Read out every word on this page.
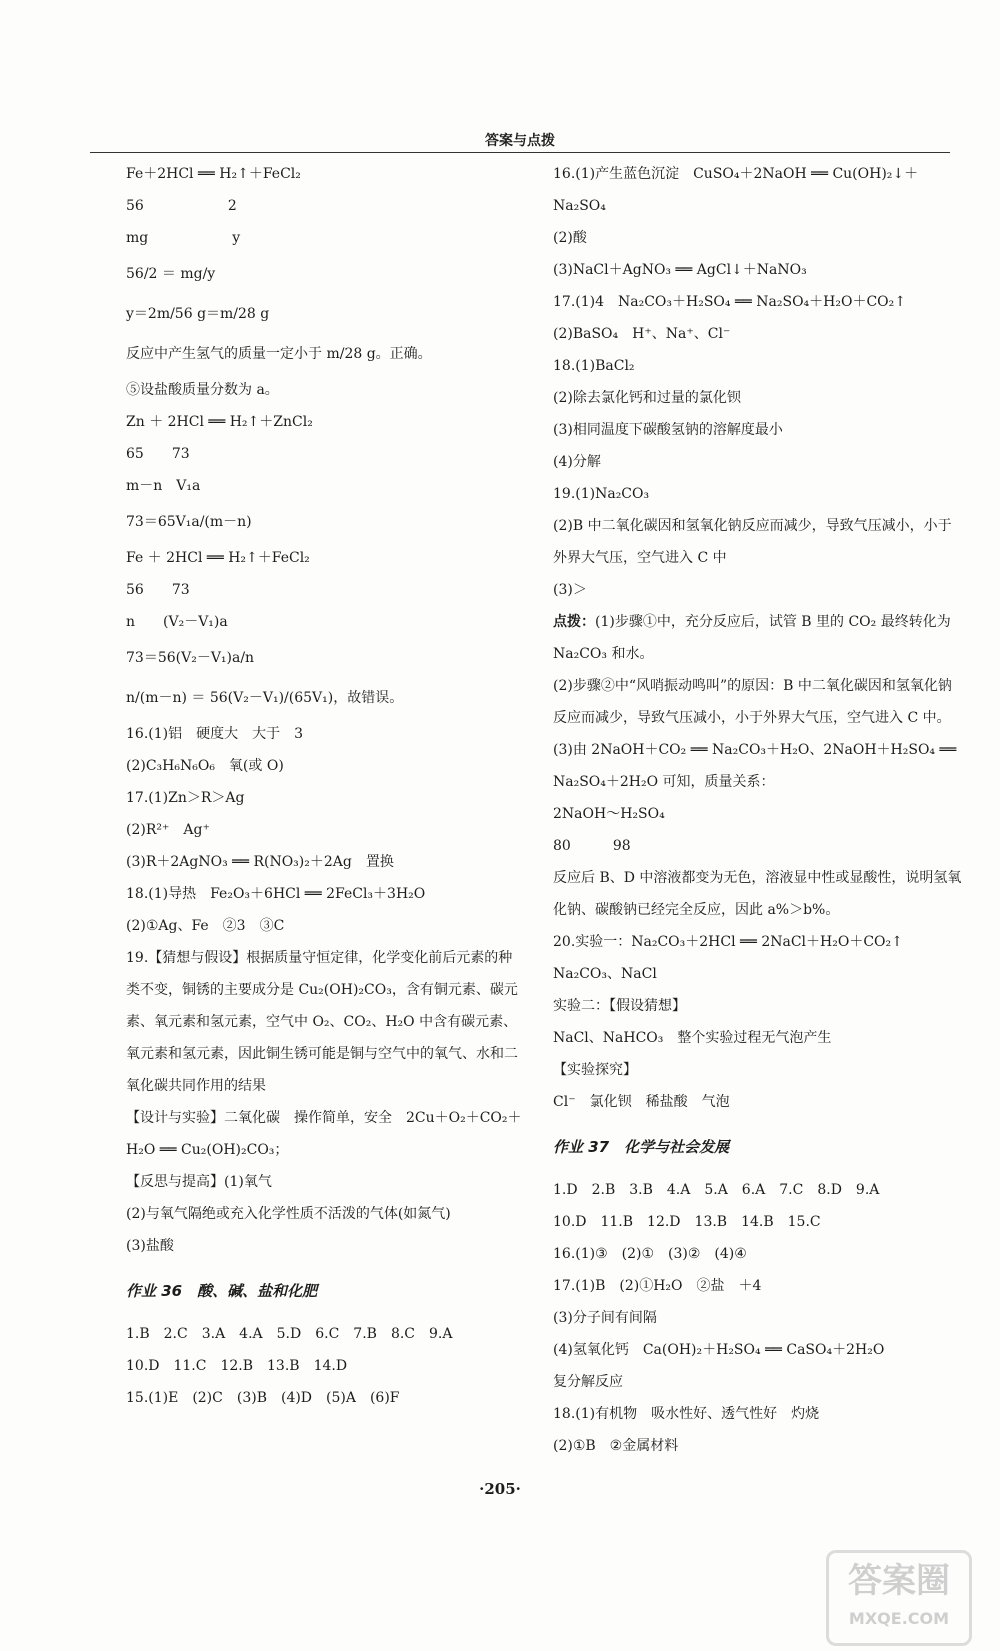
答案与点拨

Fe＋2HCl ══ H₂↑＋FeCl₂

56　　　　　　2

mg　　　　　　y

56/2 ＝ mg/y

y＝2m/56 g＝m/28 g

反应中产生氢气的质量一定小于 m/28 g。正确。

⑤设盐酸质量分数为 a。

Zn ＋ 2HCl ══ H₂↑＋ZnCl₂

65　　73

m－n　V₁a

73＝65V₁a/(m－n)

Fe ＋ 2HCl ══ H₂↑＋FeCl₂

56　　73

n　　(V₂－V₁)a

73＝56(V₂－V₁)a/n

n/(m－n) ＝ 56(V₂－V₁)/(65V₁)，故错误。

16.(1)铝　硬度大　大于　3

(2)C₃H₆N₆O₆　氧(或 O)

17.(1)Zn＞R＞Ag

(2)R²⁺　Ag⁺

(3)R＋2AgNO₃ ══ R(NO₃)₂＋2Ag　置换

18.(1)导热　Fe₂O₃＋6HCl ══ 2FeCl₃＋3H₂O

(2)①Ag、Fe　②3　③C

19.【猜想与假设】根据质量守恒定律，化学变化前后元素的种类不变，铜锈的主要成分是 Cu₂(OH)₂CO₃，含有铜元素、碳元素、氧元素和氢元素，空气中 O₂、CO₂、H₂O 中含有碳元素、氧元素和氢元素，因此铜生锈可能是铜与空气中的氧气、水和二氧化碳共同作用的结果

【设计与实验】二氧化碳　操作简单，安全　2Cu＋O₂＋CO₂＋H₂O ══ Cu₂(OH)₂CO₃；

【反思与提高】(1)氧气

(2)与氧气隔绝或充入化学性质不活泼的气体(如氮气)

(3)盐酸

作业 36　酸、碱、盐和化肥

1.B　2.C　3.A　4.A　5.D　6.C　7.B　8.C　9.A

10.D　11.C　12.B　13.B　14.D

15.(1)E　(2)C　(3)B　(4)D　(5)A　(6)F

16.(1)产生蓝色沉淀　CuSO₄＋2NaOH ══ Cu(OH)₂↓＋Na₂SO₄

(2)酸

(3)NaCl＋AgNO₃ ══ AgCl↓＋NaNO₃

17.(1)4　Na₂CO₃＋H₂SO₄ ══ Na₂SO₄＋H₂O＋CO₂↑

(2)BaSO₄　H⁺、Na⁺、Cl⁻

18.(1)BaCl₂

(2)除去氯化钙和过量的氯化钡

(3)相同温度下碳酸氢钠的溶解度最小

(4)分解

19.(1)Na₂CO₃

(2)B 中二氧化碳因和氢氧化钠反应而减少，导致气压减小，小于外界大气压，空气进入 C 中

(3)＞

点拨：(1)步骤①中，充分反应后，试管 B 里的 CO₂ 最终转化为 Na₂CO₃ 和水。

(2)步骤②中“风哨振动鸣叫”的原因：B 中二氧化碳因和氢氧化钠反应而减少，导致气压减小，小于外界大气压，空气进入 C 中。

(3)由 2NaOH＋CO₂ ══ Na₂CO₃＋H₂O、2NaOH＋H₂SO₄ ══ Na₂SO₄＋2H₂O 可知，质量关系：

2NaOH～H₂SO₄

80　　　98

反应后 B、D 中溶液都变为无色，溶液显中性或显酸性，说明氢氧化钠、碳酸钠已经完全反应，因此 a%＞b%。

20.实验一：Na₂CO₃＋2HCl ══ 2NaCl＋H₂O＋CO₂↑

Na₂CO₃、NaCl

实验二：【假设猜想】

NaCl、NaHCO₃　整个实验过程无气泡产生

【实验探究】

Cl⁻　氯化钡　稀盐酸　气泡

作业 37　化学与社会发展

1.D　2.B　3.B　4.A　5.A　6.A　7.C　8.D　9.A

10.D　11.B　12.D　13.B　14.B　15.C

16.(1)③　(2)①　(3)②　(4)④

17.(1)B　(2)①H₂O　②盐　＋4

(3)分子间有间隔

(4)氢氧化钙　Ca(OH)₂＋H₂SO₄ ══ CaSO₄＋2H₂O

复分解反应

18.(1)有机物　吸水性好、透气性好　灼烧

(2)①B　②金属材料

·205·
答案圈
MXQE.COM
